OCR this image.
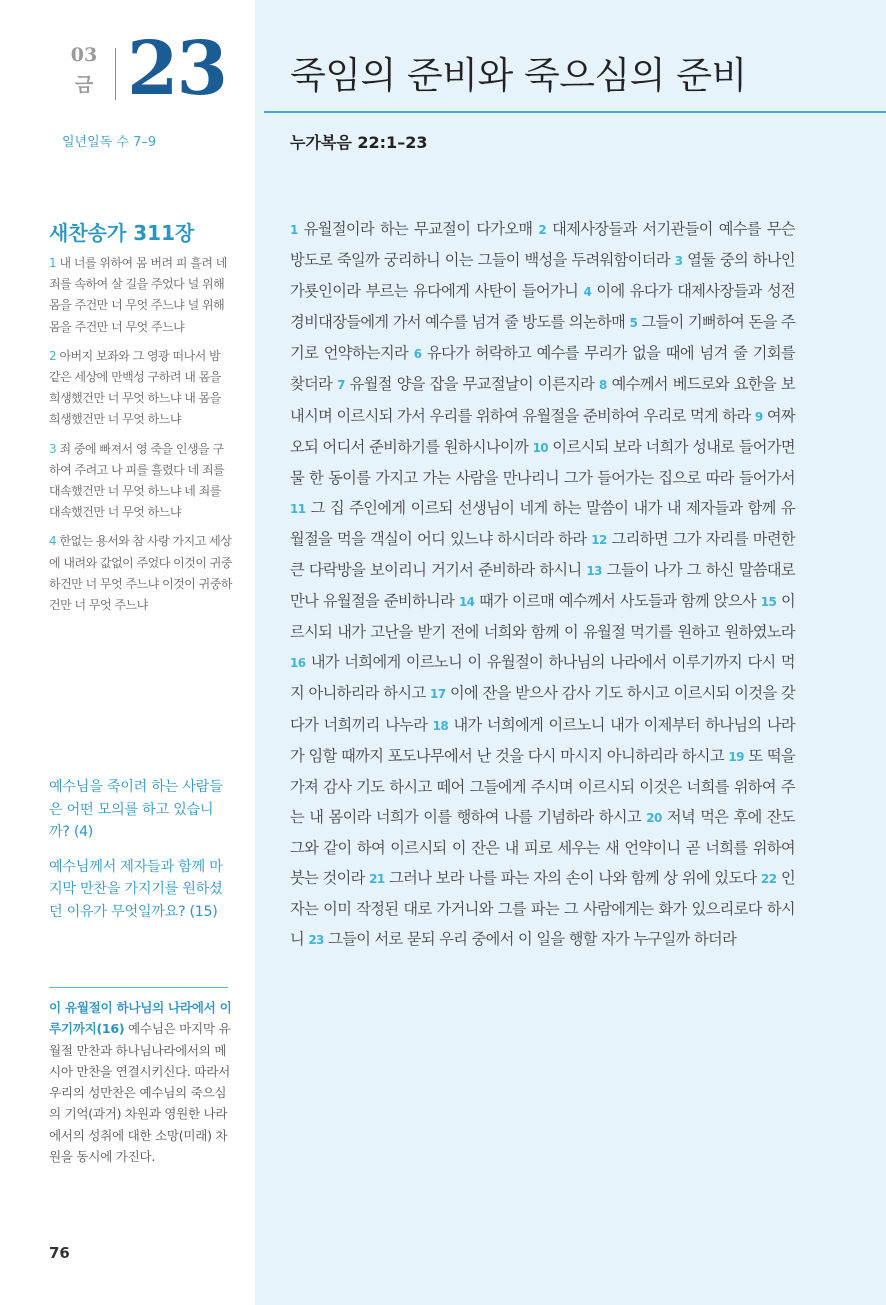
03
금 23
일년일독 수 7–9
새찬송가 311장
1 내 너를 위하여 몸 버려 피 흘려 네 죄를 속하여 살 길을 주었다 널 위해 몸을 주건만 너 무엇 주느냐 널 위해 몸을 주건만 너 무엇 주느냐
2 아버지 보좌와 그 영광 떠나서 밤 같은 세상에 만백성 구하려 내 몸을 희생했건만 너 무엇 하느냐 내 몸을 희생했건만 너 무엇 하느냐
3 죄 중에 빠져서 영 죽을 인생을 구하여 주려고 나 피를 흘렸다 네 죄를 대속했건만 너 무엇 하느냐 네 죄를 대속했건만 너 무엇 하느냐
4 한없는 용서와 참 사랑 가지고 세상에 내려와 값없이 주었다 이것이 귀중하건만 너 무엇 주느냐 이것이 귀중하건만 너 무엇 주느냐
예수님을 죽이려 하는 사람들은 어떤 모의를 하고 있습니까? (4)
예수님께서 제자들과 함께 마지막 만찬을 가지기를 원하셨던 이유가 무엇일까요? (15)
이 유월절이 하나님의 나라에서 이루기까지(16) 예수님은 마지막 유월절 만찬과 하나님나라에서의 메시아 만찬을 연결시키신다. 따라서 우리의 성만찬은 예수님의 죽으심의 기억(과거) 차원과 영원한 나라에서의 성취에 대한 소망(미래) 차원을 동시에 가진다.
76
죽임의 준비와 죽으심의 준비
누가복음 22:1–23
1 유월절이라 하는 무교절이 다가오매 2 대제사장들과 서기관들이 예수를 무슨 방도로 죽일까 궁리하니 이는 그들이 백성을 두려워함이더라 3 열둘 중의 하나인 가룟인이라 부르는 유다에게 사탄이 들어가니 4 이에 유다가 대제사장들과 성전 경비대장들에게 가서 예수를 넘겨 줄 방도를 의논하매 5 그들이 기뻐하여 돈을 주기로 언약하는지라 6 유다가 허락하고 예수를 무리가 없을 때에 넘겨 줄 기회를 찾더라 7 유월절 양을 잡을 무교절날이 이른지라 8 예수께서 베드로와 요한을 보내시며 이르시되 가서 우리를 위하여 유월절을 준비하여 우리로 먹게 하라 9 여짜오되 어디서 준비하기를 원하시나이까 10 이르시되 보라 너희가 성내로 들어가면 물 한 동이를 가지고 가는 사람을 만나리니 그가 들어가는 집으로 따라 들어가서 11 그 집 주인에게 이르되 선생님이 네게 하는 말씀이 내가 내 제자들과 함께 유월절을 먹을 객실이 어디 있느냐 하시더라 하라 12 그리하면 그가 자리를 마련한 큰 다락방을 보이리니 거기서 준비하라 하시니 13 그들이 나가 그 하신 말씀대로 만나 유월절을 준비하니라 14 때가 이르매 예수께서 사도들과 함께 앉으사 15 이르시되 내가 고난을 받기 전에 너희와 함께 이 유월절 먹기를 원하고 원하였노라 16 내가 너희에게 이르노니 이 유월절이 하나님의 나라에서 이루기까지 다시 먹지 아니하리라 하시고 17 이에 잔을 받으사 감사 기도 하시고 이르시되 이것을 갖다가 너희끼리 나누라 18 내가 너희에게 이르노니 내가 이제부터 하나님의 나라가 임할 때까지 포도나무에서 난 것을 다시 마시지 아니하리라 하시고 19 또 떡을 가져 감사 기도 하시고 떼어 그들에게 주시며 이르시되 이것은 너희를 위하여 주는 내 몸이라 너희가 이를 행하여 나를 기념하라 하시고 20 저녁 먹은 후에 잔도 그와 같이 하여 이르시되 이 잔은 내 피로 세우는 새 언약이니 곧 너희를 위하여 붓는 것이라 21 그러나 보라 나를 파는 자의 손이 나와 함께 상 위에 있도다 22 인자는 이미 작정된 대로 가거니와 그를 파는 그 사람에게는 화가 있으리로다 하시니 23 그들이 서로 묻되 우리 중에서 이 일을 행할 자가 누구일까 하더라
